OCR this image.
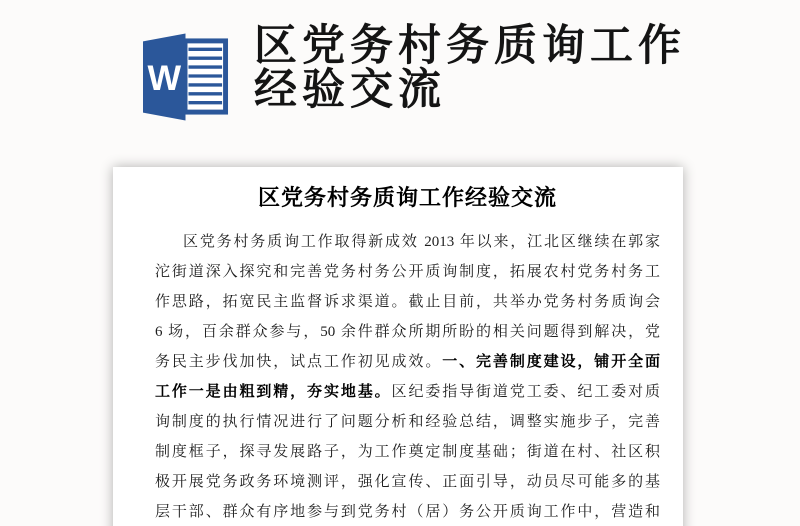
W
区党务村务质询工作
经验交流
区党务村务质询工作经验交流
区党务村务质询工作取得新成效 2013 年以来，江北区继续在郭家
沱街道深入探究和完善党务村务公开质询制度，拓展农村党务村务工
作思路，拓宽民主监督诉求渠道。截止目前，共举办党务村务质询会
6 场，百余群众参与，50 余件群众所期所盼的相关问题得到解决，党
务民主步伐加快，试点工作初见成效。一、完善制度建设，铺开全面
工作一是由粗到精，夯实地基。区纪委指导街道党工委、纪工委对质
询制度的执行情况进行了问题分析和经验总结，调整实施步子，完善
制度框子，探寻发展路子，为工作奠定制度基础；街道在村、社区积
极开展党务政务环境测评，强化宣传、正面引导，动员尽可能多的基
层干部、群众有序地参与到党务村（居）务公开质询工作中，营造和
